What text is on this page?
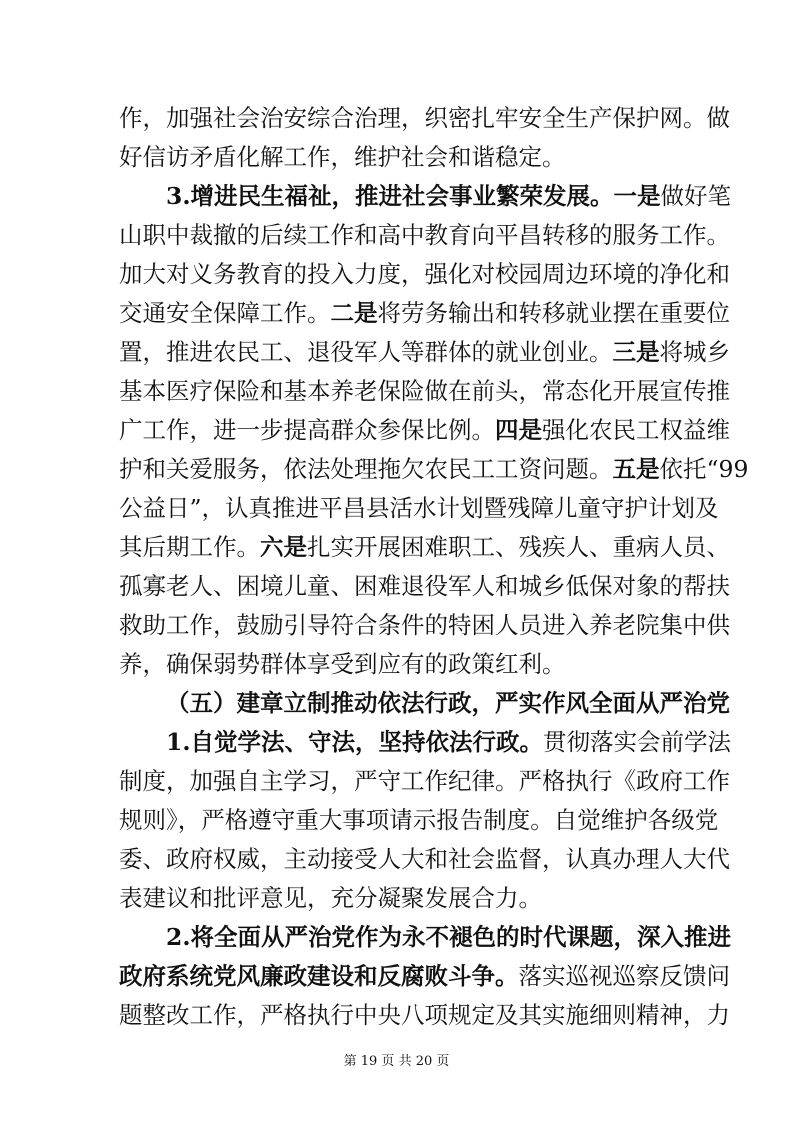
作，加强社会治安综合治理，织密扎牢安全生产保护网。做
好信访矛盾化解工作，维护社会和谐稳定。
3.增进民生福祉，推进社会事业繁荣发展。一是做好笔
山职中裁撤的后续工作和高中教育向平昌转移的服务工作。
加大对义务教育的投入力度，强化对校园周边环境的净化和
交通安全保障工作。二是将劳务输出和转移就业摆在重要位
置，推进农民工、退役军人等群体的就业创业。三是将城乡
基本医疗保险和基本养老保险做在前头，常态化开展宣传推
广工作，进一步提高群众参保比例。四是强化农民工权益维
护和关爱服务，依法处理拖欠农民工工资问题。五是依托“99
公益日”，认真推进平昌县活水计划暨残障儿童守护计划及
其后期工作。六是扎实开展困难职工、残疾人、重病人员、
孤寡老人、困境儿童、困难退役军人和城乡低保对象的帮扶
救助工作，鼓励引导符合条件的特困人员进入养老院集中供
养，确保弱势群体享受到应有的政策红利。
（五）建章立制推动依法行政，严实作风全面从严治党
1.自觉学法、守法，坚持依法行政。贯彻落实会前学法
制度，加强自主学习，严守工作纪律。严格执行《政府工作
规则》，严格遵守重大事项请示报告制度。自觉维护各级党
委、政府权威，主动接受人大和社会监督，认真办理人大代
表建议和批评意见，充分凝聚发展合力。
2.将全面从严治党作为永不褪色的时代课题，深入推进
政府系统党风廉政建设和反腐败斗争。落实巡视巡察反馈问
题整改工作，严格执行中央八项规定及其实施细则精神，力
第 19 页 共 20 页
